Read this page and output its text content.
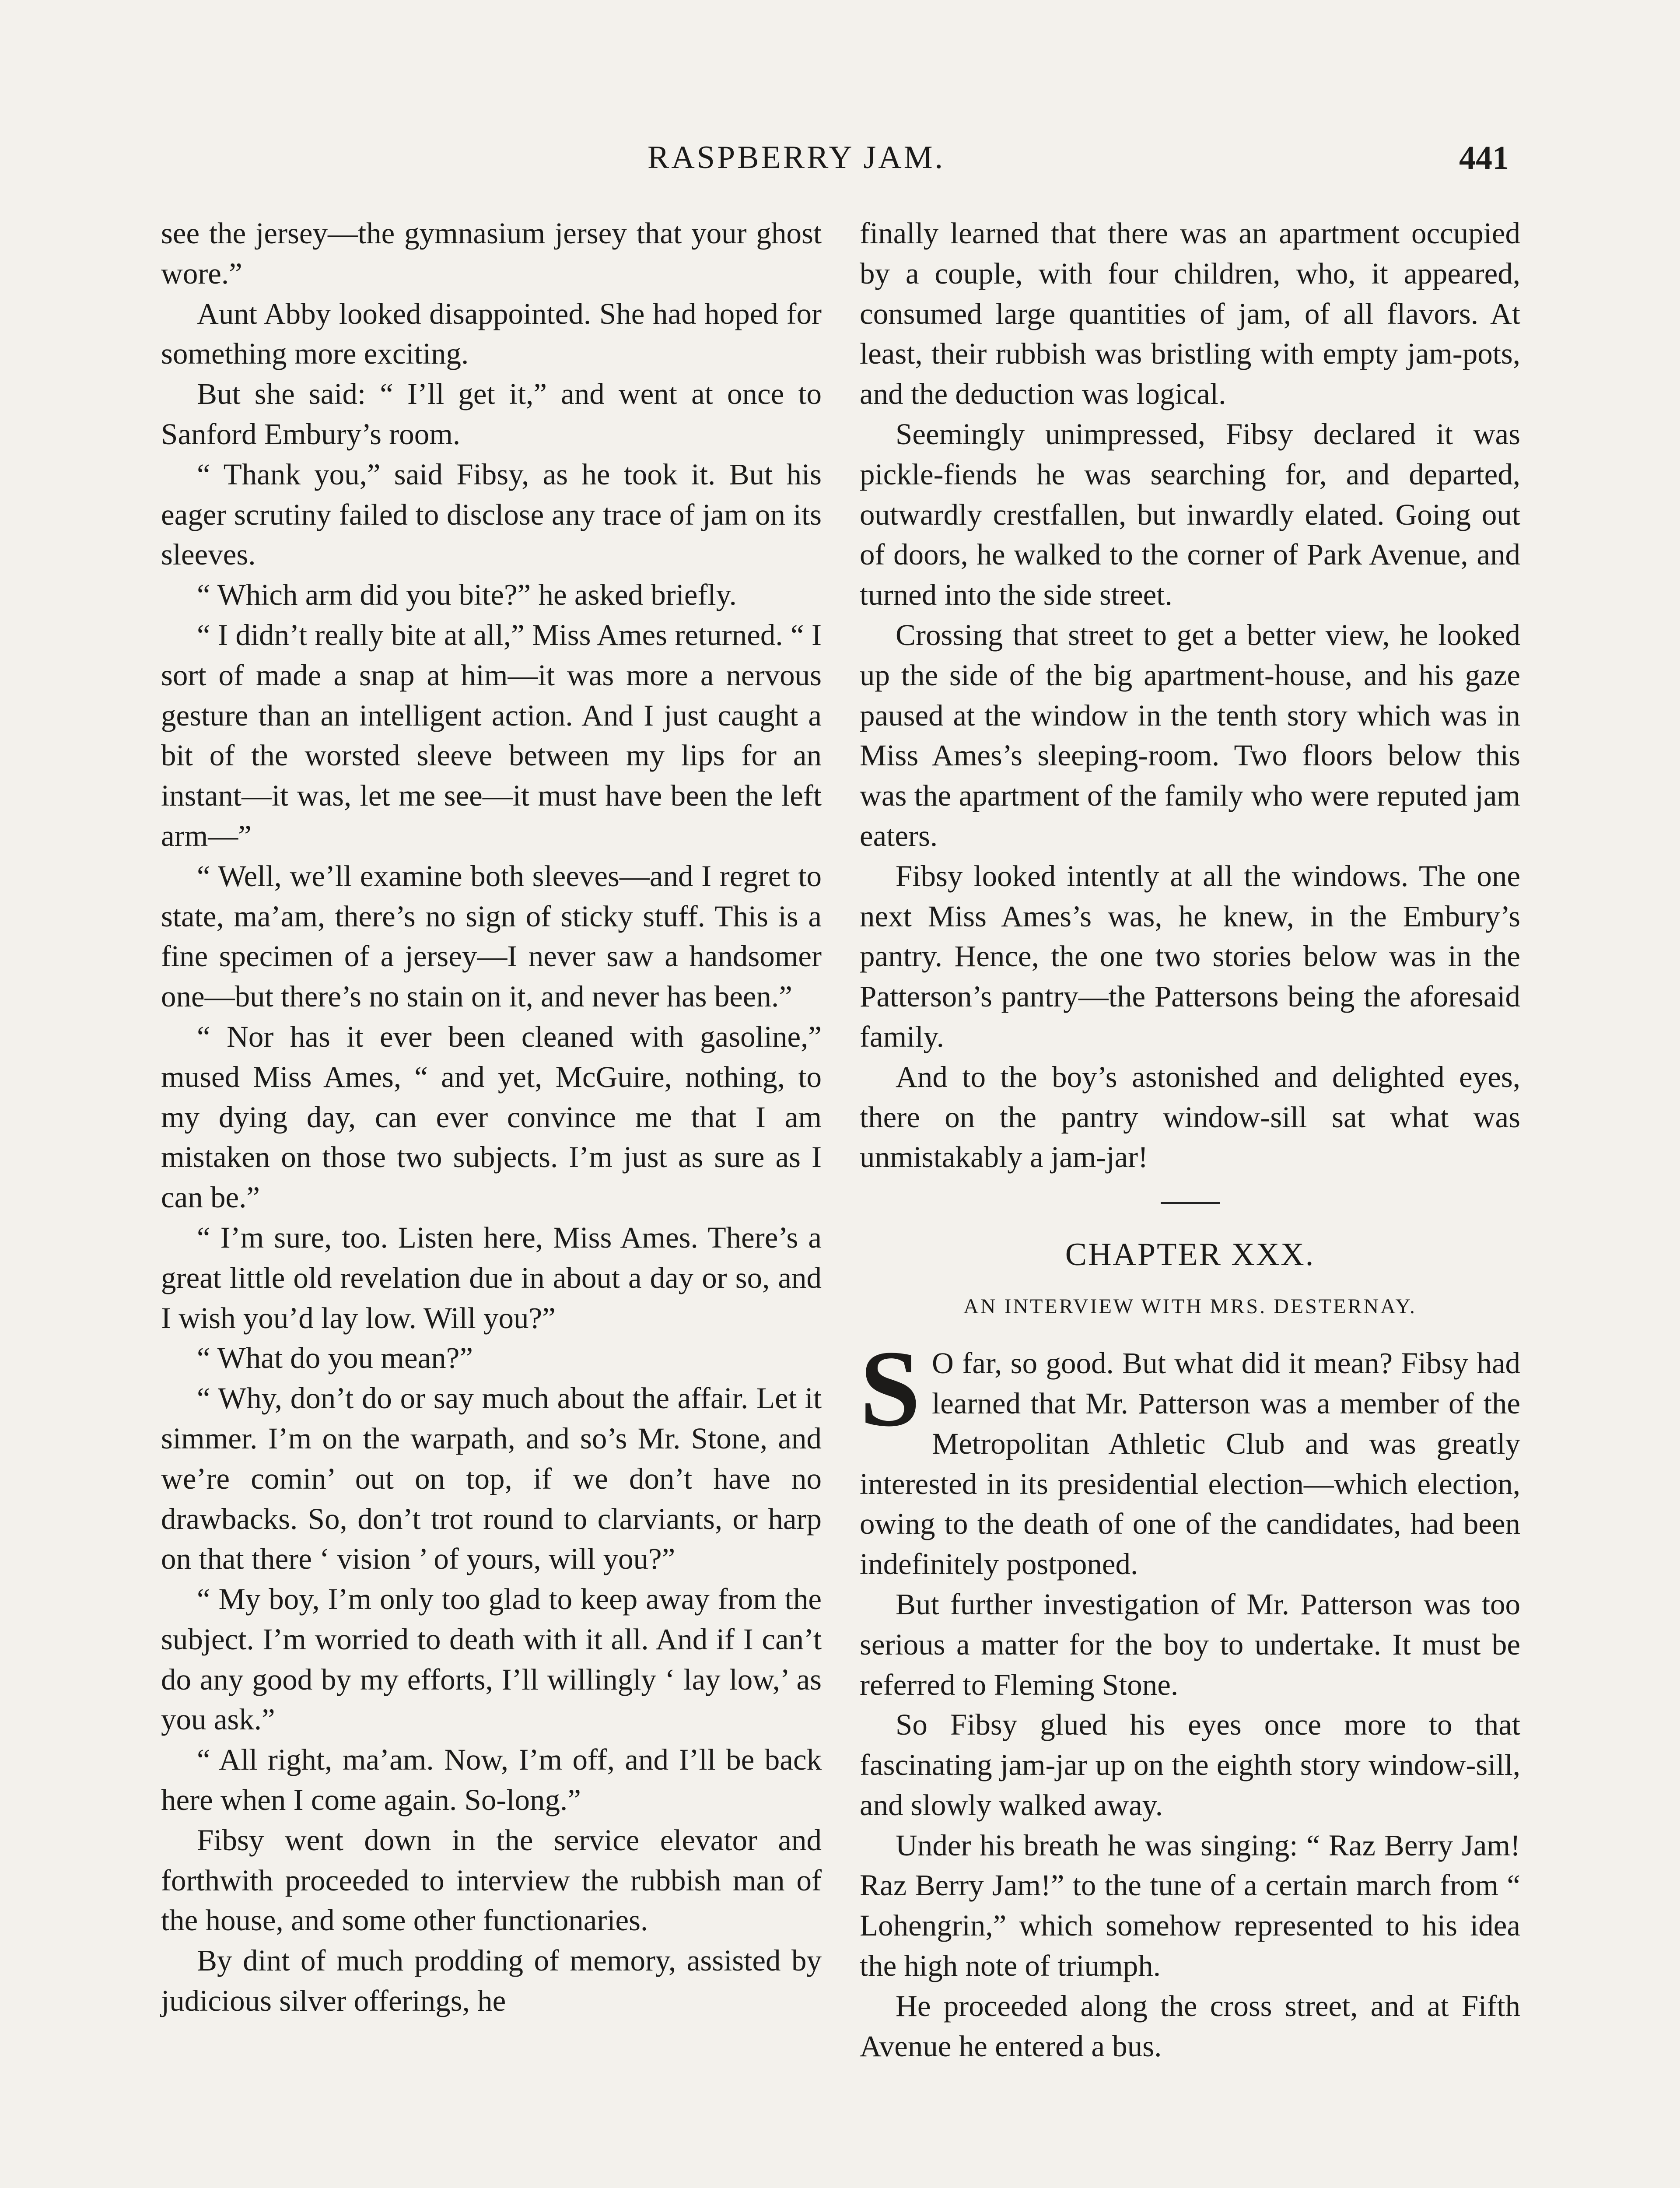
RASPBERRY JAM.	441

see the jersey—the gymnasium jersey that your ghost wore.”

Aunt Abby looked disappointed. She had hoped for something more exciting.

But she said: “ I’ll get it,” and went at once to Sanford Embury’s room.

“ Thank you,” said Fibsy, as he took it. But his eager scrutiny failed to disclose any trace of jam on its sleeves.

“ Which arm did you bite?” he asked briefly.

“ I didn’t really bite at all,” Miss Ames returned. “ I sort of made a snap at him—it was more a nervous gesture than an intelligent action. And I just caught a bit of the worsted sleeve between my lips for an instant—it was, let me see—it must have been the left arm—”

“ Well, we’ll examine both sleeves—and I regret to state, ma’am, there’s no sign of sticky stuff. This is a fine specimen of a jersey—I never saw a handsomer one—but there’s no stain on it, and never has been.”

“ Nor has it ever been cleaned with gasoline,” mused Miss Ames, “ and yet, McGuire, nothing, to my dying day, can ever convince me that I am mistaken on those two subjects. I’m just as sure as I can be.”

“ I’m sure, too. Listen here, Miss Ames. There’s a great little old revelation due in about a day or so, and I wish you’d lay low. Will you?”

“ What do you mean?”

“ Why, don’t do or say much about the affair. Let it simmer. I’m on the warpath, and so’s Mr. Stone, and we’re comin’ out on top, if we don’t have no drawbacks. So, don’t trot round to clarviants, or harp on that there ‘ vision ’ of yours, will you?”

“ My boy, I’m only too glad to keep away from the subject. I’m worried to death with it all. And if I can’t do any good by my efforts, I’ll willingly ‘ lay low,’ as you ask.”

“ All right, ma’am. Now, I’m off, and I’ll be back here when I come again. So-long.”

Fibsy went down in the service elevator and forthwith proceeded to interview the rubbish man of the house, and some other functionaries.

By dint of much prodding of memory, assisted by judicious silver offerings, he

finally learned that there was an apartment occupied by a couple, with four children, who, it appeared, consumed large quantities of jam, of all flavors. At least, their rubbish was bristling with empty jam-pots, and the deduction was logical.

Seemingly unimpressed, Fibsy declared it was pickle-fiends he was searching for, and departed, outwardly crestfallen, but inwardly elated. Going out of doors, he walked to the corner of Park Avenue, and turned into the side street.

Crossing that street to get a better view, he looked up the side of the big apartment-house, and his gaze paused at the window in the tenth story which was in Miss Ames’s sleeping-room. Two floors below this was the apartment of the family who were reputed jam eaters.

Fibsy looked intently at all the windows. The one next Miss Ames’s was, he knew, in the Embury’s pantry. Hence, the one two stories below was in the Patterson’s pantry—the Pattersons being the aforesaid family.

And to the boy’s astonished and delighted eyes, there on the pantry window-sill sat what was unmistakably a jam-jar!

CHAPTER XXX.
AN INTERVIEW WITH MRS. DESTERNAY.
S O far, so good. But what did it mean? Fibsy had learned that Mr. Patterson was a member of the Metropolitan Athletic Club and was greatly interested in its presidential election—which election, owing to the death of one of the candidates, had been indefinitely postponed.

But further investigation of Mr. Patterson was too serious a matter for the boy to undertake. It must be referred to Fleming Stone.

So Fibsy glued his eyes once more to that fascinating jam-jar up on the eighth story window-sill, and slowly walked away.

Under his breath he was singing: “ Raz Berry Jam! Raz Berry Jam!” to the tune of a certain march from “ Lohengrin,” which somehow represented to his idea the high note of triumph.

He proceeded along the cross street, and at Fifth Avenue he entered a bus.
